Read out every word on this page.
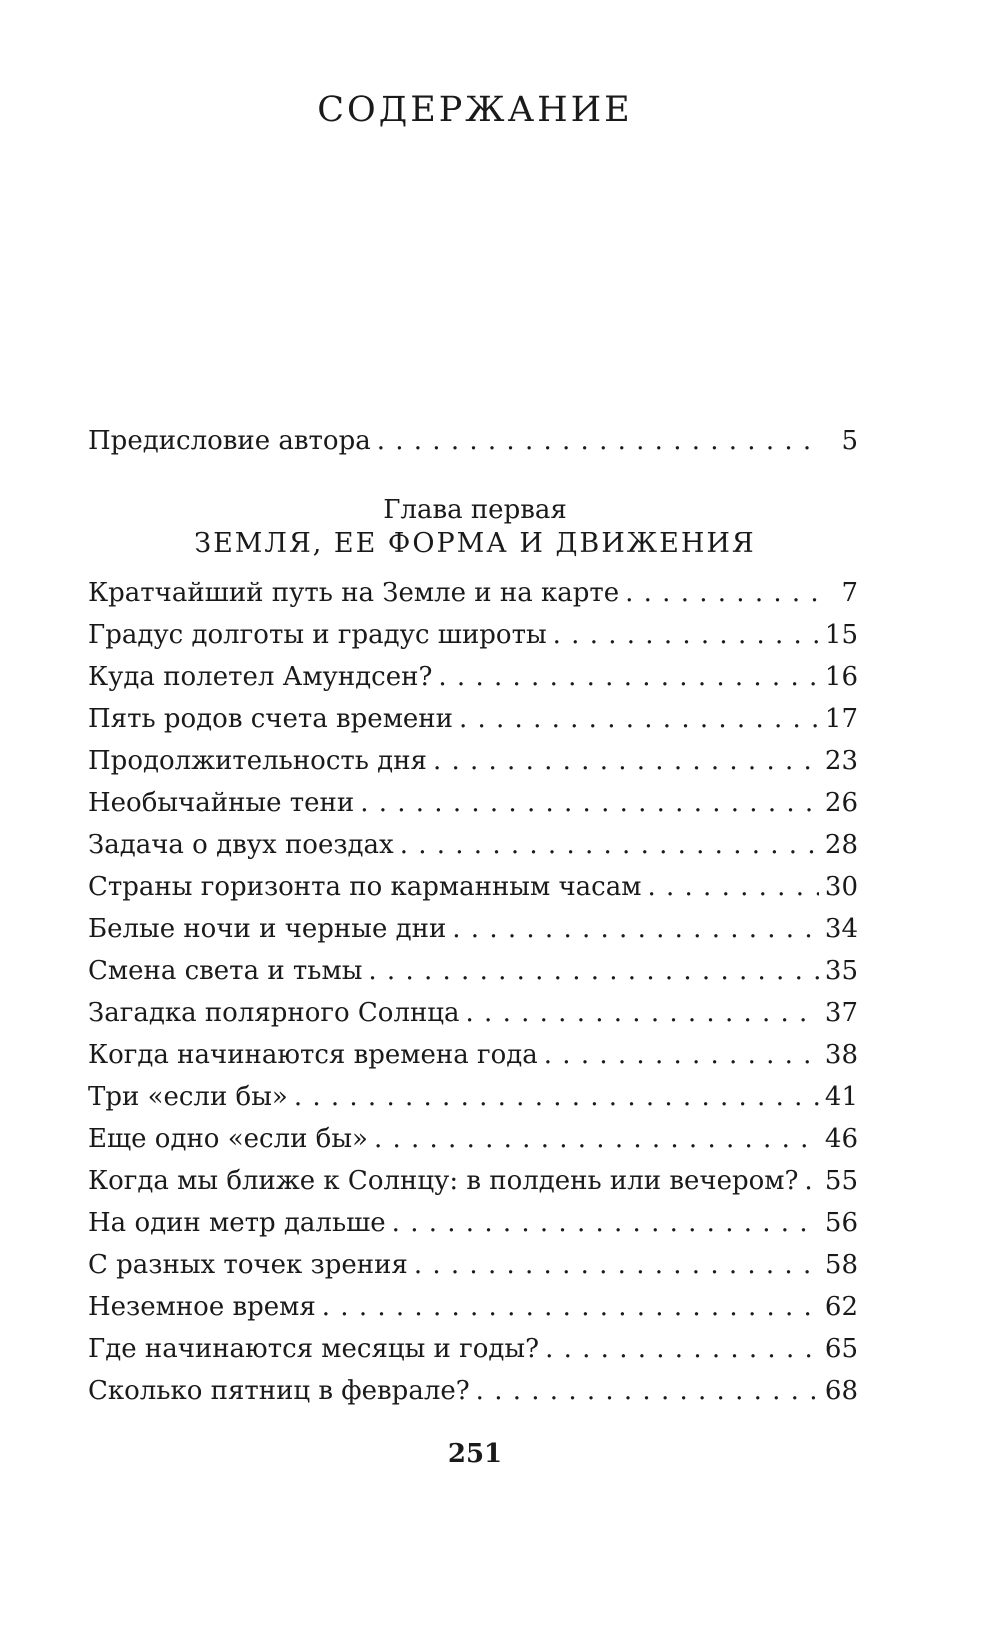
СОДЕРЖАНИЕ
Предисловие автора . . .	5
Глава первая
ЗЕМЛЯ, ЕЕ ФОРМА И ДВИЖЕНИЯ
Кратчайший путь на Земле и на карте . . .	7
Градус долготы и градус широты . . .	15
Куда полетел Амундсен? . . .	16
Пять родов счета времени . . .	17
Продолжительность дня . . .	23
Необычайные тени . . .	26
Задача о двух поездах . . .	28
Страны горизонта по карманным часам . . .	30
Белые ночи и черные дни . . .	34
Смена света и тьмы . . .	35
Загадка полярного Солнца . . .	37
Когда начинаются времена года . . .	38
Три «если бы» . . .	41
Еще одно «если бы» . . .	46
Когда мы ближе к Солнцу: в полдень или вечером? . . . 55
На один метр дальше . . .	56
С разных точек зрения . . .	58
Неземное время . . .	62
Где начинаются месяцы и годы? . . .	65
Сколько пятниц в феврале? . . .	68
251
